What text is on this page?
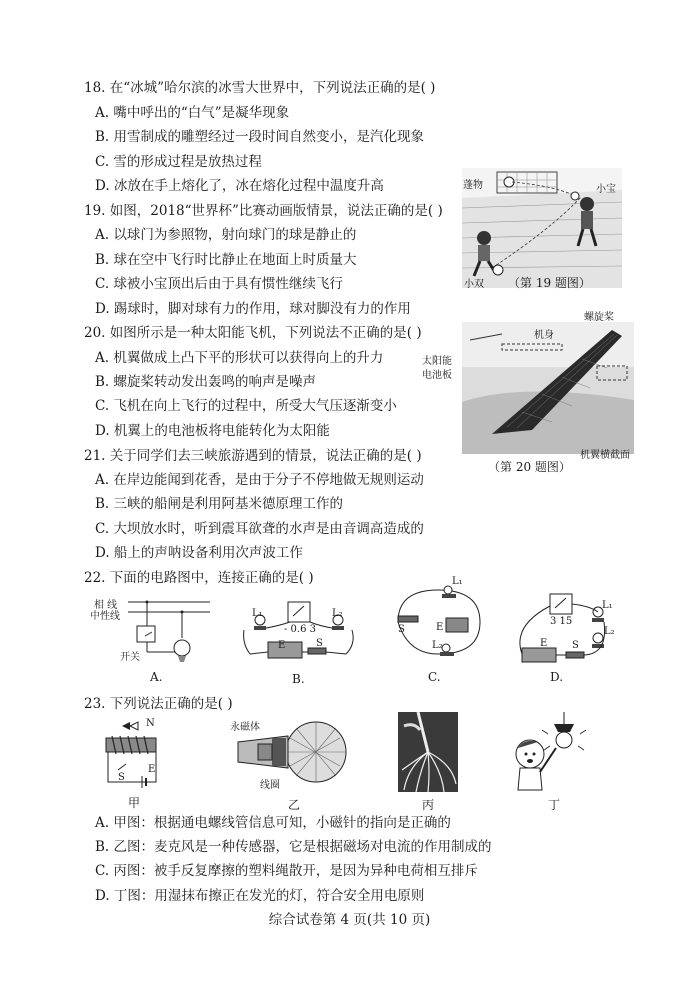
18. 在“冰城”哈尔滨的冰雪大世界中，下列说法正确的是( )
A. 嘴中呼出的“白气”是凝华现象
B. 用雪制成的雕塑经过一段时间自然变小，是汽化现象
C. 雪的形成过程是放热过程
D. 冰放在手上熔化了，冰在熔化过程中温度升高
19. 如图，2018“世界杯”比赛动画版情景，说法正确的是( )
A. 以球门为参照物，射向球门的球是静止的
B. 球在空中飞行时比静止在地面上时质量大
C. 球被小宝顶出后由于具有惯性继续飞行
D. 踢球时，脚对球有力的作用，球对脚没有力的作用
20. 如图所示是一种太阳能飞机，下列说法不正确的是( )
A. 机翼做成上凸下平的形状可以获得向上的升力
B. 螺旋桨转动发出轰鸣的响声是噪声
C. 飞机在向上飞行的过程中，所受大气压逐渐变小
D. 机翼上的电池板将电能转化为太阳能
21. 关于同学们去三峡旅游遇到的情景，说法正确的是( )
A. 在岸边能闻到花香，是由于分子不停地做无规则运动
B. 三峡的船闸是利用阿基米德原理工作的
C. 大坝放水时，听到震耳欲聋的水声是由音调高造成的
D. 船上的声呐设备利用次声波工作
22. 下面的电路图中，连接正确的是( )
23. 下列说法正确的是( )
A. 甲图：根据通电螺线管信息可知，小磁针的指向是正确的
B. 乙图：麦克风是一种传感器，它是根据磁场对电流的作用制成的
C. 丙图：被手反复摩擦的塑料绳散开，是因为异种电荷相互排斥
D. 丁图：用湿抹布擦正在发光的灯，符合安全用电原则
蓬物	小宝
小双 （第 19 题图）
螺旋桨
机身
太阳能
电池板
机翼横截面
（第 20 题图）
相 线
中性线
开关
A.
L₁	L₂
- 0.6 3
E	S
B.
L₁
L₂
E
S
C.
L₁
L₂
3 15
E S
D.
N
S
E
甲
永磁体
线圈
乙	丙	丁
综合试卷第 4 页(共 10 页)
